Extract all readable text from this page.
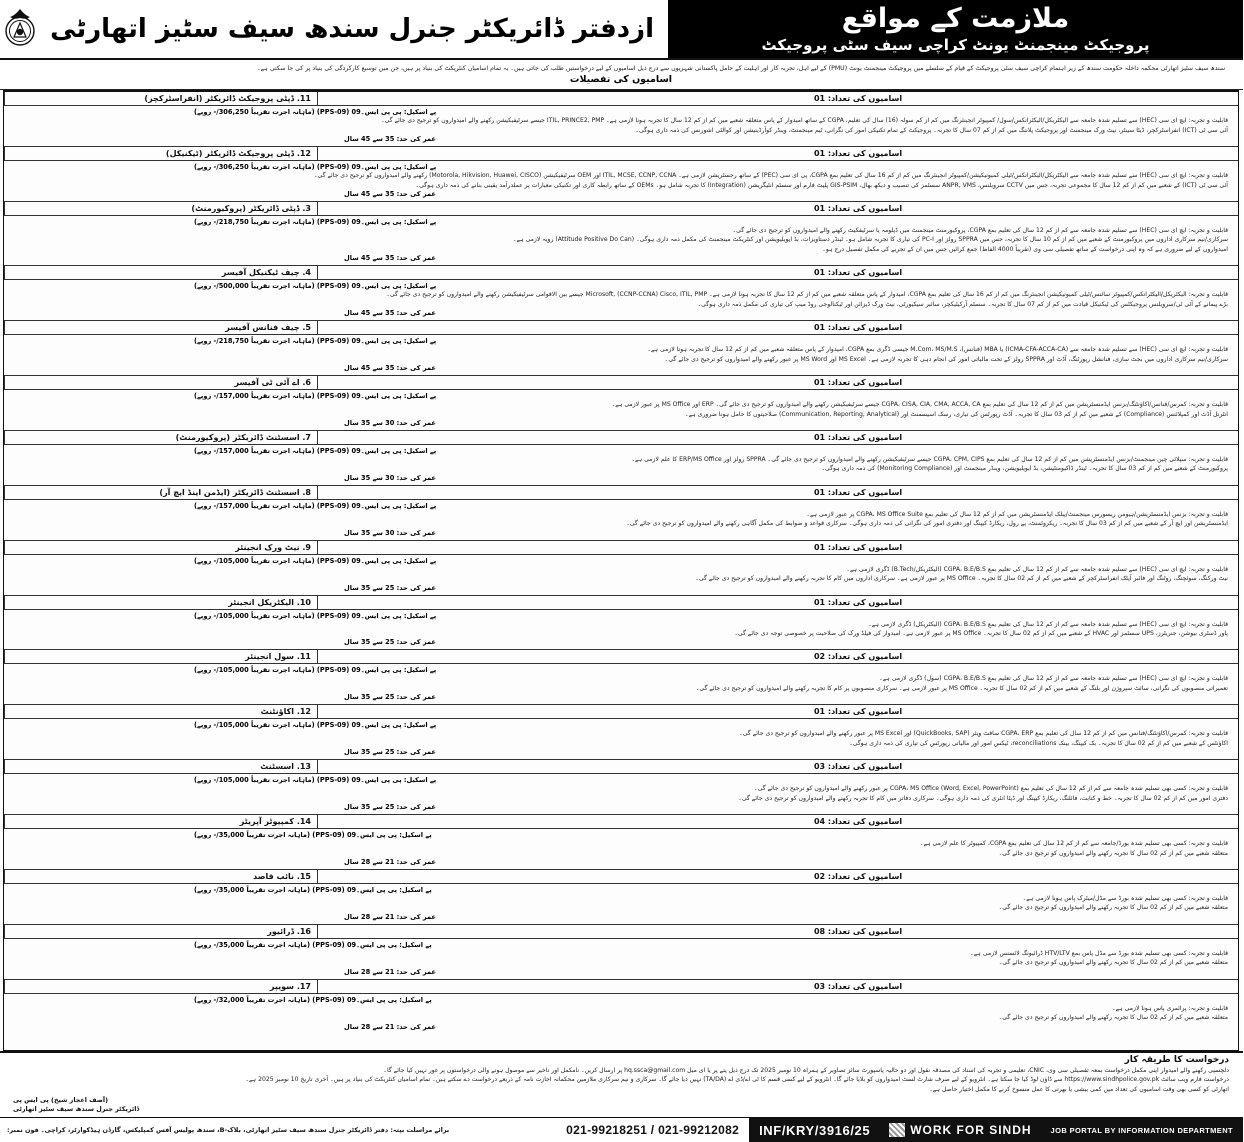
ملازمت کے مواقع
پروجیکٹ مینجمنٹ یونٹ کراچی سیف سٹی پروجیکٹ
ازدفتر ڈائریکٹر جنرل سندھ سیف سٹیز اتھارٹی
سندھ سیف سٹیز اتھارٹی محکمہ داخلہ حکومت سندھ کے زیر اہتمام کراچی سیف سٹی پروجیکٹ کے قیام کے سلسلے میں پروجیکٹ مینجمنٹ یونٹ (PMU) کے لیے اہل، تجربہ کار اور اہلیت کے حامل پاکستانی شہریوں سے درج ذیل اسامیوں کے لیے درخواستیں طلب کی جاتی ہیں۔ یہ تمام اسامیاں کنٹریکٹ کی بنیاد پر ہیں، جن میں توسیع کارکردگی کی بنیاد پر کی جا سکتی ہے۔
اسامیوں کی تفصیلات
اسامیوں کی تعداد: 01
11. ڈپٹی پروجیکٹ ڈائریکٹر (انفراسٹرکچر)
پے اسکیل: پی پی ایس۔09 (PPS-09) (ماہانہ اجرت تقریباً 306,250/- روپے)
قابلیت و تجربہ: ایچ ای سی (HEC) سے تسلیم شدہ جامعہ سے الیکٹریکل/الیکٹرانکس/سول/ کمپیوٹر انجینئرنگ میں کم از کم سولہ (16) سال کی تعلیم، CGPA کے ساتھ امیدوار کے پاس متعلقہ شعبے میں کم از کم 12 سال کا تجربہ ہونا لازمی ہے۔ ITIL, PRINCE2, PMP جیسے سرٹیفیکیشن رکھنے والے امیدواروں کو ترجیح دی جائے گی۔
آئی سی ٹی (ICT) انفراسٹرکچر، ڈیٹا سینٹر، نیٹ ورک مینجمنٹ اور پروجیکٹ پلاننگ میں کم از کم 07 سال کا تجربہ۔ پروجیکٹ کے تمام تکنیکی امور کی نگرانی، ٹیم مینجمنٹ، ویںڈر کوآرڈینیشن اور کوالٹی اشورنس کی ذمہ داری ہوگی۔
عمر کی حد: 35 سے 45 سال
اسامیوں کی تعداد: 01
12. ڈپٹی پروجیکٹ ڈائریکٹر (ٹیکنیکل)
پے اسکیل: پی پی ایس۔09 (PPS-09) (ماہانہ اجرت تقریباً 306,250/- روپے)
قابلیت و تجربہ: ایچ ای سی (HEC) سے تسلیم شدہ جامعہ سے الیکٹریکل/الیکٹرانکس/ٹیلی کمیونیکیشن/کمپیوٹر انجینئرنگ میں کم از کم 16 سال کی تعلیم بمع CGPA، پی ای سی (PEC) کے ساتھ رجسٹریشن لازمی ہے۔ ITIL, MCSE, CCNP, CCNA اور OEM سرٹیفیکیشن (Motorola, Hikvision, Huawei, CISCO) رکھنے والے امیدواروں کو ترجیح دی جائے گی۔
آئی سی ٹی (ICT) کے شعبے میں کم از کم 12 سال کا مجموعی تجربہ، جس میں CCTV سرویلنس، ANPR, VMS سسٹمز کی تنصیب و دیکھ بھال، GIS-PSIM پلیٹ فارم اور سسٹم انٹیگریشن (Integration) کا تجربہ شامل ہو۔ OEMs کے ساتھ رابطہ کاری اور تکنیکی معیارات پر عملدرآمد یقینی بنانے کی ذمہ داری ہوگی۔
عمر کی حد: 35 سے 45 سال
اسامیوں کی تعداد: 01
3. ڈپٹی ڈائریکٹر (پروکیورمنٹ)
پے اسکیل: پی پی ایس۔09 (PPS-09) (ماہانہ اجرت تقریباً 218,750/- روپے)
قابلیت و تجربہ: ایچ ای سی (HEC) سے تسلیم شدہ جامعہ سے کم از کم 12 سال کی تعلیم بمع CGPA، پروکیورمنٹ مینجمنٹ میں ڈپلومہ یا سرٹیفکیٹ رکھنے والے امیدواروں کو ترجیح دی جائے گی۔
سرکاری/نیم سرکاری اداروں میں پروکیورمنٹ کے شعبے میں کم از کم 10 سال کا تجربہ، جس میں SPPRA رولز اور PC-I کی تیاری کا تجربہ شامل ہو۔ ٹینڈر دستاویزات، بڈ ایویلیویشن اور کنٹریکٹ مینجمنٹ کی مکمل ذمہ داری ہوگی۔ (Attitude Positive Do Can) رویہ لازمی ہے۔
امیدواروں کے لیے ضروری ہے کہ وہ اپنی درخواست کے ساتھ تفصیلی سی وی (تقریباً 4000 الفاظ) جمع کرائیں جس میں ان کے تجربے کی مکمل تفصیل درج ہو۔
عمر کی حد: 35 سے 45 سال
اسامیوں کی تعداد: 01
4. چیف ٹیکنیکل آفیسر
پے اسکیل: پی پی ایس۔09 (PPS-09) (ماہانہ اجرت تقریباً 500,000/- روپے)
قابلیت و تجربہ: الیکٹریکل/الیکٹرانکس/کمپیوٹر سائنس/ٹیلی کمیونیکیشن انجینئرنگ میں کم از کم 16 سال کی تعلیم بمع CGPA، امیدوار کے پاس متعلقہ شعبے میں کم از کم 12 سال کا تجربہ ہونا لازمی ہے۔ Microsoft, (CCNP-CCNA) Cisco, ITIL, PMP جیسے بین الاقوامی سرٹیفیکیشن رکھنے والے امیدواروں کو ترجیح دی جائے گی۔
بڑے پیمانے کے آئی ٹی/سرویلنس پروجیکٹس کی ٹیکنیکل قیادت میں کم از کم 07 سال کا تجربہ۔ سسٹم آرکیٹیکچر، سائبر سیکیورٹی، نیٹ ورک ڈیزائن اور ٹیکنالوجی روڈ میپ کی تیاری کی مکمل ذمہ داری ہوگی۔
عمر کی حد: 35 سے 45 سال
اسامیوں کی تعداد: 01
5. چیف فنانس آفیسر
پے اسکیل: پی پی ایس۔09 (PPS-09) (ماہانہ اجرت تقریباً 218,750/- روپے)
قابلیت و تجربہ: ایچ ای سی (HEC) سے تسلیم شدہ جامعہ سے (ICMA-CFA-ACCA-CA) یا MBA (فنانس)، M.Com، MS/M.S جیسی ڈگری بمع CGPA، امیدوار کے پاس متعلقہ شعبے میں کم از کم 12 سال کا تجربہ ہونا لازمی ہے۔
سرکاری/نیم سرکاری اداروں میں بجٹ سازی، فنانشل رپورٹنگ، آڈٹ اور SPPRA رولز کے تحت مالیاتی امور کی انجام دہی کا تجربہ لازمی ہے۔ MS Excel اور MS Word پر عبور رکھنے والے امیدواروں کو ترجیح دی جائے گی۔
عمر کی حد: 35 سے 45 سال
اسامیوں کی تعداد: 01
6. اے آئی ٹی آفیسر
پے اسکیل: پی پی ایس۔09 (PPS-09) (ماہانہ اجرت تقریباً 157,000/- روپے)
قابلیت و تجربہ: کمرس/فنانس/اکاؤنٹنگ/بزنس ایڈمنسٹریشن میں کم از کم 12 سال کی تعلیم بمع CGPA، CISA, CIA, CMA, ACCA, CA جیسے سرٹیفیکیشن رکھنے والے امیدواروں کو ترجیح دی جائے گی۔ ERP اور MS Office پر عبور لازمی ہے۔
انٹرنل آڈٹ اور کمپلائنس (Compliance) کے شعبے میں کم از کم 03 سال کا تجربہ۔ آڈٹ رپورٹس کی تیاری، رسک اسیسمنٹ اور (Communication, Reporting, Analytical) صلاحیتوں کا حامل ہونا ضروری ہے۔
عمر کی حد: 30 سے 35 سال
اسامیوں کی تعداد: 01
7. اسسٹنٹ ڈائریکٹر (پروکیورمنٹ)
پے اسکیل: پی پی ایس۔09 (PPS-09) (ماہانہ اجرت تقریباً 157,000/- روپے)
قابلیت و تجربہ: سپلائی چین مینجمنٹ/بزنس ایڈمنسٹریشن میں کم از کم 12 سال کی تعلیم بمع CGPA، CPM, CIPS جیسے سرٹیفیکیشن رکھنے والے امیدواروں کو ترجیح دی جائے گی۔ SPPRA رولز اور ERP/MS Office کا علم لازمی ہے۔
پروکیورمنٹ کے شعبے میں کم از کم 03 سال کا تجربہ۔ ٹینڈر ڈاکیومنٹیشن، بڈ ایویلیویشن، ویںڈر مینجمنٹ اور (Monitoring Compliance) کی ذمہ داری ہوگی۔
عمر کی حد: 30 سے 35 سال
اسامیوں کی تعداد: 01
8. اسسٹنٹ ڈائریکٹر (ایڈمن اینڈ ایچ آر)
پے اسکیل: پی پی ایس۔09 (PPS-09) (ماہانہ اجرت تقریباً 157,000/- روپے)
قابلیت و تجربہ: بزنس ایڈمنسٹریشن/ہیومن ریسورس مینجمنٹ/پبلک ایڈمنسٹریشن میں کم از کم 12 سال کی تعلیم بمع CGPA، MS Office Suite پر عبور لازمی ہے۔
ایڈمنسٹریشن اور ایچ آر کے شعبے میں کم از کم 03 سال کا تجربہ۔ ریکروٹمنٹ، پے رول، ریکارڈ کیپنگ اور دفتری امور کی نگرانی کی ذمہ داری ہوگی۔ سرکاری قواعد و ضوابط کی مکمل آگاہی رکھنے والے امیدواروں کو ترجیح دی جائے گی۔
عمر کی حد: 30 سے 35 سال
اسامیوں کی تعداد: 01
9. نیٹ ورک انجینئر
پے اسکیل: پی پی ایس۔09 (PPS-09) (ماہانہ اجرت تقریباً 105,000/- روپے)
قابلیت و تجربہ: ایچ ای سی (HEC) سے تسلیم شدہ جامعہ سے کم از کم 12 سال کی تعلیم بمع CGPA، B.E/B.S (الیکٹریکل/B.Tech) ڈگری لازمی ہے۔
نیٹ ورکنگ، سوئچنگ، روٹنگ اور فائبر آپٹک انفراسٹرکچر کے شعبے میں کم از کم 02 سال کا تجربہ۔ MS Office پر عبور لازمی ہے۔ سرکاری اداروں میں کام کا تجربہ رکھنے والے امیدواروں کو ترجیح دی جائے گی۔
عمر کی حد: 25 سے 35 سال
اسامیوں کی تعداد: 01
10. الیکٹریکل انجینئر
پے اسکیل: پی پی ایس۔09 (PPS-09) (ماہانہ اجرت تقریباً 105,000/- روپے)
قابلیت و تجربہ: ایچ ای سی (HEC) سے تسلیم شدہ جامعہ سے کم از کم 12 سال کی تعلیم بمع CGPA، B.E/B.S (الیکٹریکل) ڈگری لازمی ہے۔
پاور ڈسٹری بیوشن، جنریٹرز، UPS سسٹمز اور HVAC کے شعبے میں کم از کم 02 سال کا تجربہ۔ MS Office پر عبور لازمی ہے۔ امیدوار کی فیلڈ ورک کی صلاحیت پر خصوصی توجہ دی جائے گی۔
عمر کی حد: 25 سے 35 سال
اسامیوں کی تعداد: 02
11. سول انجینئر
پے اسکیل: پی پی ایس۔09 (PPS-09) (ماہانہ اجرت تقریباً 105,000/- روپے)
قابلیت و تجربہ: ایچ ای سی (HEC) سے تسلیم شدہ جامعہ سے کم از کم 12 سال کی تعلیم بمع CGPA، B.E/B.S (سول) ڈگری لازمی ہے۔
تعمیراتی منصوبوں کی نگرانی، سائٹ سپروژن اور بلنگ کے شعبے میں کم از کم 02 سال کا تجربہ۔ MS Office پر عبور لازمی ہے۔ سرکاری منصوبوں پر کام کا تجربہ رکھنے والے امیدواروں کو ترجیح دی جائے گی۔
عمر کی حد: 25 سے 35 سال
اسامیوں کی تعداد: 01
12. اکاؤنٹنٹ
پے اسکیل: پی پی ایس۔09 (PPS-09) (ماہانہ اجرت تقریباً 105,000/- روپے)
قابلیت و تجربہ: کمرس/اکاؤنٹنگ/فنانس میں کم از کم 12 سال کی تعلیم بمع CGPA، ERP سافٹ ویئر (QuickBooks, SAP) اور MS Excel پر عبور رکھنے والے امیدواروں کو ترجیح دی جائے گی۔
اکاؤنٹس کے شعبے میں کم از کم 02 سال کا تجربہ۔ بک کیپنگ، بینک reconciliations، ٹیکس امور اور مالیاتی رپورٹس کی تیاری کی ذمہ داری ہوگی۔
عمر کی حد: 25 سے 35 سال
اسامیوں کی تعداد: 03
13. اسسٹنٹ
پے اسکیل: پی پی ایس۔09 (PPS-09) (ماہانہ اجرت تقریباً 105,000/- روپے)
قابلیت و تجربہ: کسی بھی تسلیم شدہ جامعہ سے کم از کم 12 سال کی تعلیم بمع CGPA، MS Office (Word, Excel, PowerPoint) پر عبور رکھنے والے امیدواروں کو ترجیح دی جائے گی۔
دفتری امور میں کم از کم 02 سال کا تجربہ۔ خط و کتابت، فائلنگ، ریکارڈ کیپنگ اور ڈیٹا انٹری کی ذمہ داری ہوگی۔ سرکاری دفاتر میں کام کا تجربہ رکھنے والے امیدواروں کو ترجیح دی جائے گی۔
عمر کی حد: 25 سے 35 سال
اسامیوں کی تعداد: 04
14. کمپیوٹر آپریٹر
پے اسکیل: پی پی ایس۔09 (PPS-09) (ماہانہ اجرت تقریباً 35,000/- روپے)
قابلیت و تجربہ: کسی بھی تسلیم شدہ بورڈ/جامعہ سے کم از کم 12 سال کی تعلیم بمع CGPA، کمپیوٹر کا علم لازمی ہے۔
متعلقہ شعبے میں کم از کم 02 سال کا تجربہ رکھنے والے امیدواروں کو ترجیح دی جائے گی۔
عمر کی حد: 21 سے 28 سال
اسامیوں کی تعداد: 02
15. نائب قاصد
پے اسکیل: پی پی ایس۔09 (PPS-09) (ماہانہ اجرت تقریباً 35,000/- روپے)
قابلیت و تجربہ: کسی بھی تسلیم شدہ بورڈ سے مڈل/میٹرک پاس ہونا لازمی ہے۔
متعلقہ شعبے میں کم از کم 02 سال کا تجربہ رکھنے والے امیدواروں کو ترجیح دی جائے گی۔
عمر کی حد: 21 سے 28 سال
اسامیوں کی تعداد: 08
16. ڈرائیور
پے اسکیل: پی پی ایس۔09 (PPS-09) (ماہانہ اجرت تقریباً 35,000/- روپے)
قابلیت و تجربہ: کسی بھی تسلیم شدہ بورڈ سے مڈل پاس بمع HTV/LTV ڈرائیونگ لائسنس لازمی ہے۔
متعلقہ شعبے میں کم از کم 02 سال کا تجربہ رکھنے والے امیدواروں کو ترجیح دی جائے گی۔
عمر کی حد: 21 سے 28 سال
اسامیوں کی تعداد: 03
17. سویپر
پے اسکیل: پی پی ایس۔09 (PPS-09) (ماہانہ اجرت تقریباً 32,000/- روپے)
قابلیت و تجربہ: پرائمری پاس ہونا لازمی ہے۔
متعلقہ شعبے میں کم از کم 02 سال کا تجربہ رکھنے والے امیدواروں کو ترجیح دی جائے گی۔
عمر کی حد: 21 سے 28 سال
درخواست کا طریقہ کار
دلچسپی رکھنے والے امیدوار اپنی مکمل درخواست بمعہ تفصیلی سی وی، CNIC، تعلیمی و تجربہ کی اسناد کی مصدقہ نقول اور دو حالیہ پاسپورٹ سائز تصاویر کے ہمراہ 10 نومبر 2025 تک درج ذیل پتے پر یا ای میل hq.ssca@gmail.com پر ارسال کریں۔ نامکمل اور تاخیر سے موصول ہونے والی درخواستوں پر غور نہیں کیا جائے گا۔
درخواست فارم ویب سائٹ https://www.sindhpolice.gov.pk سے ڈاؤن لوڈ کیا جا سکتا ہے۔ انٹرویو کے لیے صرف شارٹ لسٹ امیدواروں کو بلایا جائے گا۔ انٹرویو کے لیے کسی قسم کا ٹی اے/ڈی اے (TA/DA) نہیں دیا جائے گا۔ سرکاری و نیم سرکاری ملازمین محکمانہ اجازت نامہ کے ذریعے درخواست دے سکتے ہیں۔ تمام اسامیاں کنٹریکٹ کی بنیاد پر ہیں۔ آخری تاریخ 10 نومبر 2025 ہے۔
اتھارٹی کو کسی بھی وقت اسامیوں کی تعداد میں کمی بیشی یا بھرتی کا عمل منسوخ کرنے کا مکمل اختیار حاصل ہے۔
(آصف اعجاز شیخ) پی ایس پی
ڈائریکٹر جنرل سندھ سیف سٹیز اتھارٹی
JOB PORTAL BY INFORMATION DEPARTMENT
WORK FOR SINDH
INF/KRY/3916/25
021-99218251 / 021-99212082
برائے مراسلت بپتہ: دفتر ڈائریکٹر جنرل سندھ سیف سٹیز اتھارٹی، بلاک-B، سندھ پولیس آفس کمپلیکس، گارڈن ہیڈکوارٹر، کراچی۔ فون نمبر:
